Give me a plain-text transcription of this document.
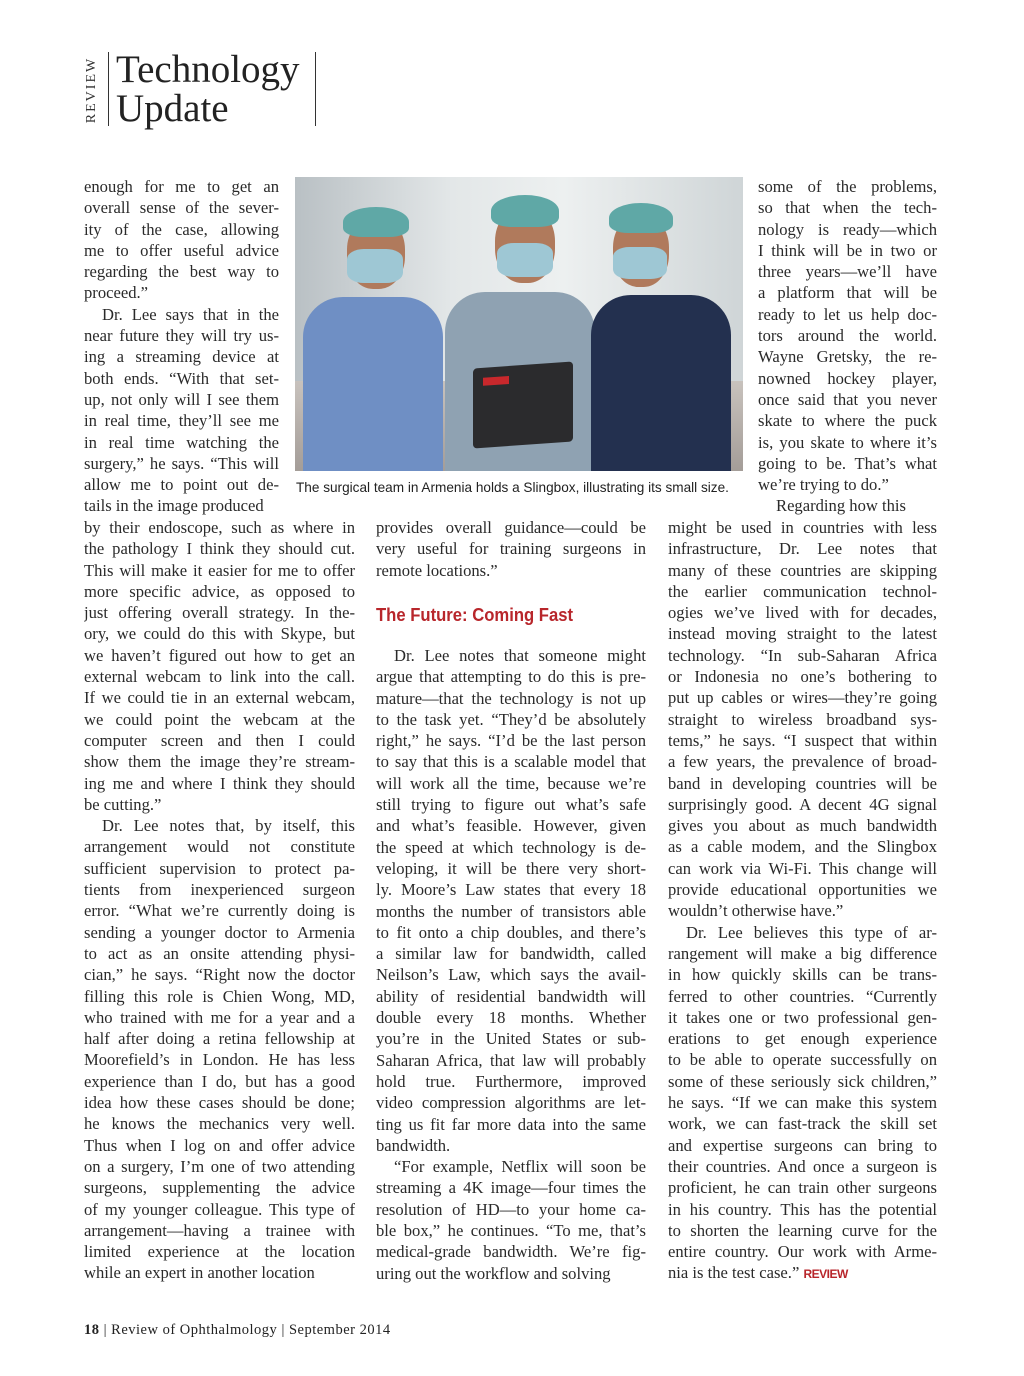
REVIEW Technology
Update
enough for me to get an
overall sense of the sever-
ity of the case, allowing
me to offer useful advice
regarding the best way to
proceed.”
Dr. Lee says that in the
near future they will try us-
ing a streaming device at
both ends. “With that set-
up, not only will I see them
in real time, they’ll see me
in real time watching the
surgery,” he says. “This will
allow me to point out de-
tails in the image produced
The surgical team in Armenia holds a Slingbox, illustrating its small size.
by their endoscope, such as where in
the pathology I think they should cut.
This will make it easier for me to offer
more specific advice, as opposed to
just offering overall strategy. In the-
ory, we could do this with Skype, but
we haven’t figured out how to get an
external webcam to link into the call.
If we could tie in an external webcam,
we could point the webcam at the
computer screen and then I could
show them the image they’re stream-
ing me and where I think they should
be cutting.”
Dr. Lee notes that, by itself, this
arrangement would not constitute
sufficient supervision to protect pa-
tients from inexperienced surgeon
error. “What we’re currently doing is
sending a younger doctor to Armenia
to act as an onsite attending physi-
cian,” he says. “Right now the doctor
filling this role is Chien Wong, MD,
who trained with me for a year and a
half after doing a retina fellowship at
Moorefield’s in London. He has less
experience than I do, but has a good
idea how these cases should be done;
he knows the mechanics very well.
Thus when I log on and offer advice
on a surgery, I’m one of two attending
surgeons, supplementing the advice
of my younger colleague. This type of
arrangement—having a trainee with
limited experience at the location
while an expert in another location
provides overall guidance—could be
very useful for training surgeons in
remote locations.”
The Future: Coming Fast
Dr. Lee notes that someone might
argue that attempting to do this is pre-
mature—that the technology is not up
to the task yet. “They’d be absolutely
right,” he says. “I’d be the last person
to say that this is a scalable model that
will work all the time, because we’re
still trying to figure out what’s safe
and what’s feasible. However, given
the speed at which technology is de-
veloping, it will be there very short-
ly. Moore’s Law states that every 18
months the number of transistors able
to fit onto a chip doubles, and there’s
a similar law for bandwidth, called
Neilson’s Law, which says the avail-
ability of residential bandwidth will
double every 18 months. Whether
you’re in the United States or sub-
Saharan Africa, that law will probably
hold true. Furthermore, improved
video compression algorithms are let-
ting us fit far more data into the same
bandwidth.
“For example, Netflix will soon be
streaming a 4K image—four times the
resolution of HD—to your home ca-
ble box,” he continues. “To me, that’s
medical-grade bandwidth. We’re fig-
uring out the workflow and solving
some of the problems,
so that when the tech-
nology is ready—which
I think will be in two or
three years—we’ll have
a platform that will be
ready to let us help doc-
tors around the world.
Wayne Gretsky, the re-
nowned hockey player,
once said that you never
skate to where the puck
is, you skate to where it’s
going to be. That’s what
we’re trying to do.”
Regarding how this
might be used in countries with less
infrastructure, Dr. Lee notes that
many of these countries are skipping
the earlier communication technol-
ogies we’ve lived with for decades,
instead moving straight to the latest
technology. “In sub-Saharan Africa
or Indonesia no one’s bothering to
put up cables or wires—they’re going
straight to wireless broadband sys-
tems,” he says. “I suspect that within
a few years, the prevalence of broad-
band in developing countries will be
surprisingly good. A decent 4G signal
gives you about as much bandwidth
as a cable modem, and the Slingbox
can work via Wi-Fi. This change will
provide educational opportunities we
wouldn’t otherwise have.”
Dr. Lee believes this type of ar-
rangement will make a big difference
in how quickly skills can be trans-
ferred to other countries. “Currently
it takes one or two professional gen-
erations to get enough experience
to be able to operate successfully on
some of these seriously sick children,”
he says. “If we can make this system
work, we can fast-track the skill set
and expertise surgeons can bring to
their countries. And once a surgeon is
proficient, he can train other surgeons
in his country. This has the potential
to shorten the learning curve for the
entire country. Our work with Arme-
nia is the test case.” REVIEW
18 | Review of Ophthalmology | September 2014
